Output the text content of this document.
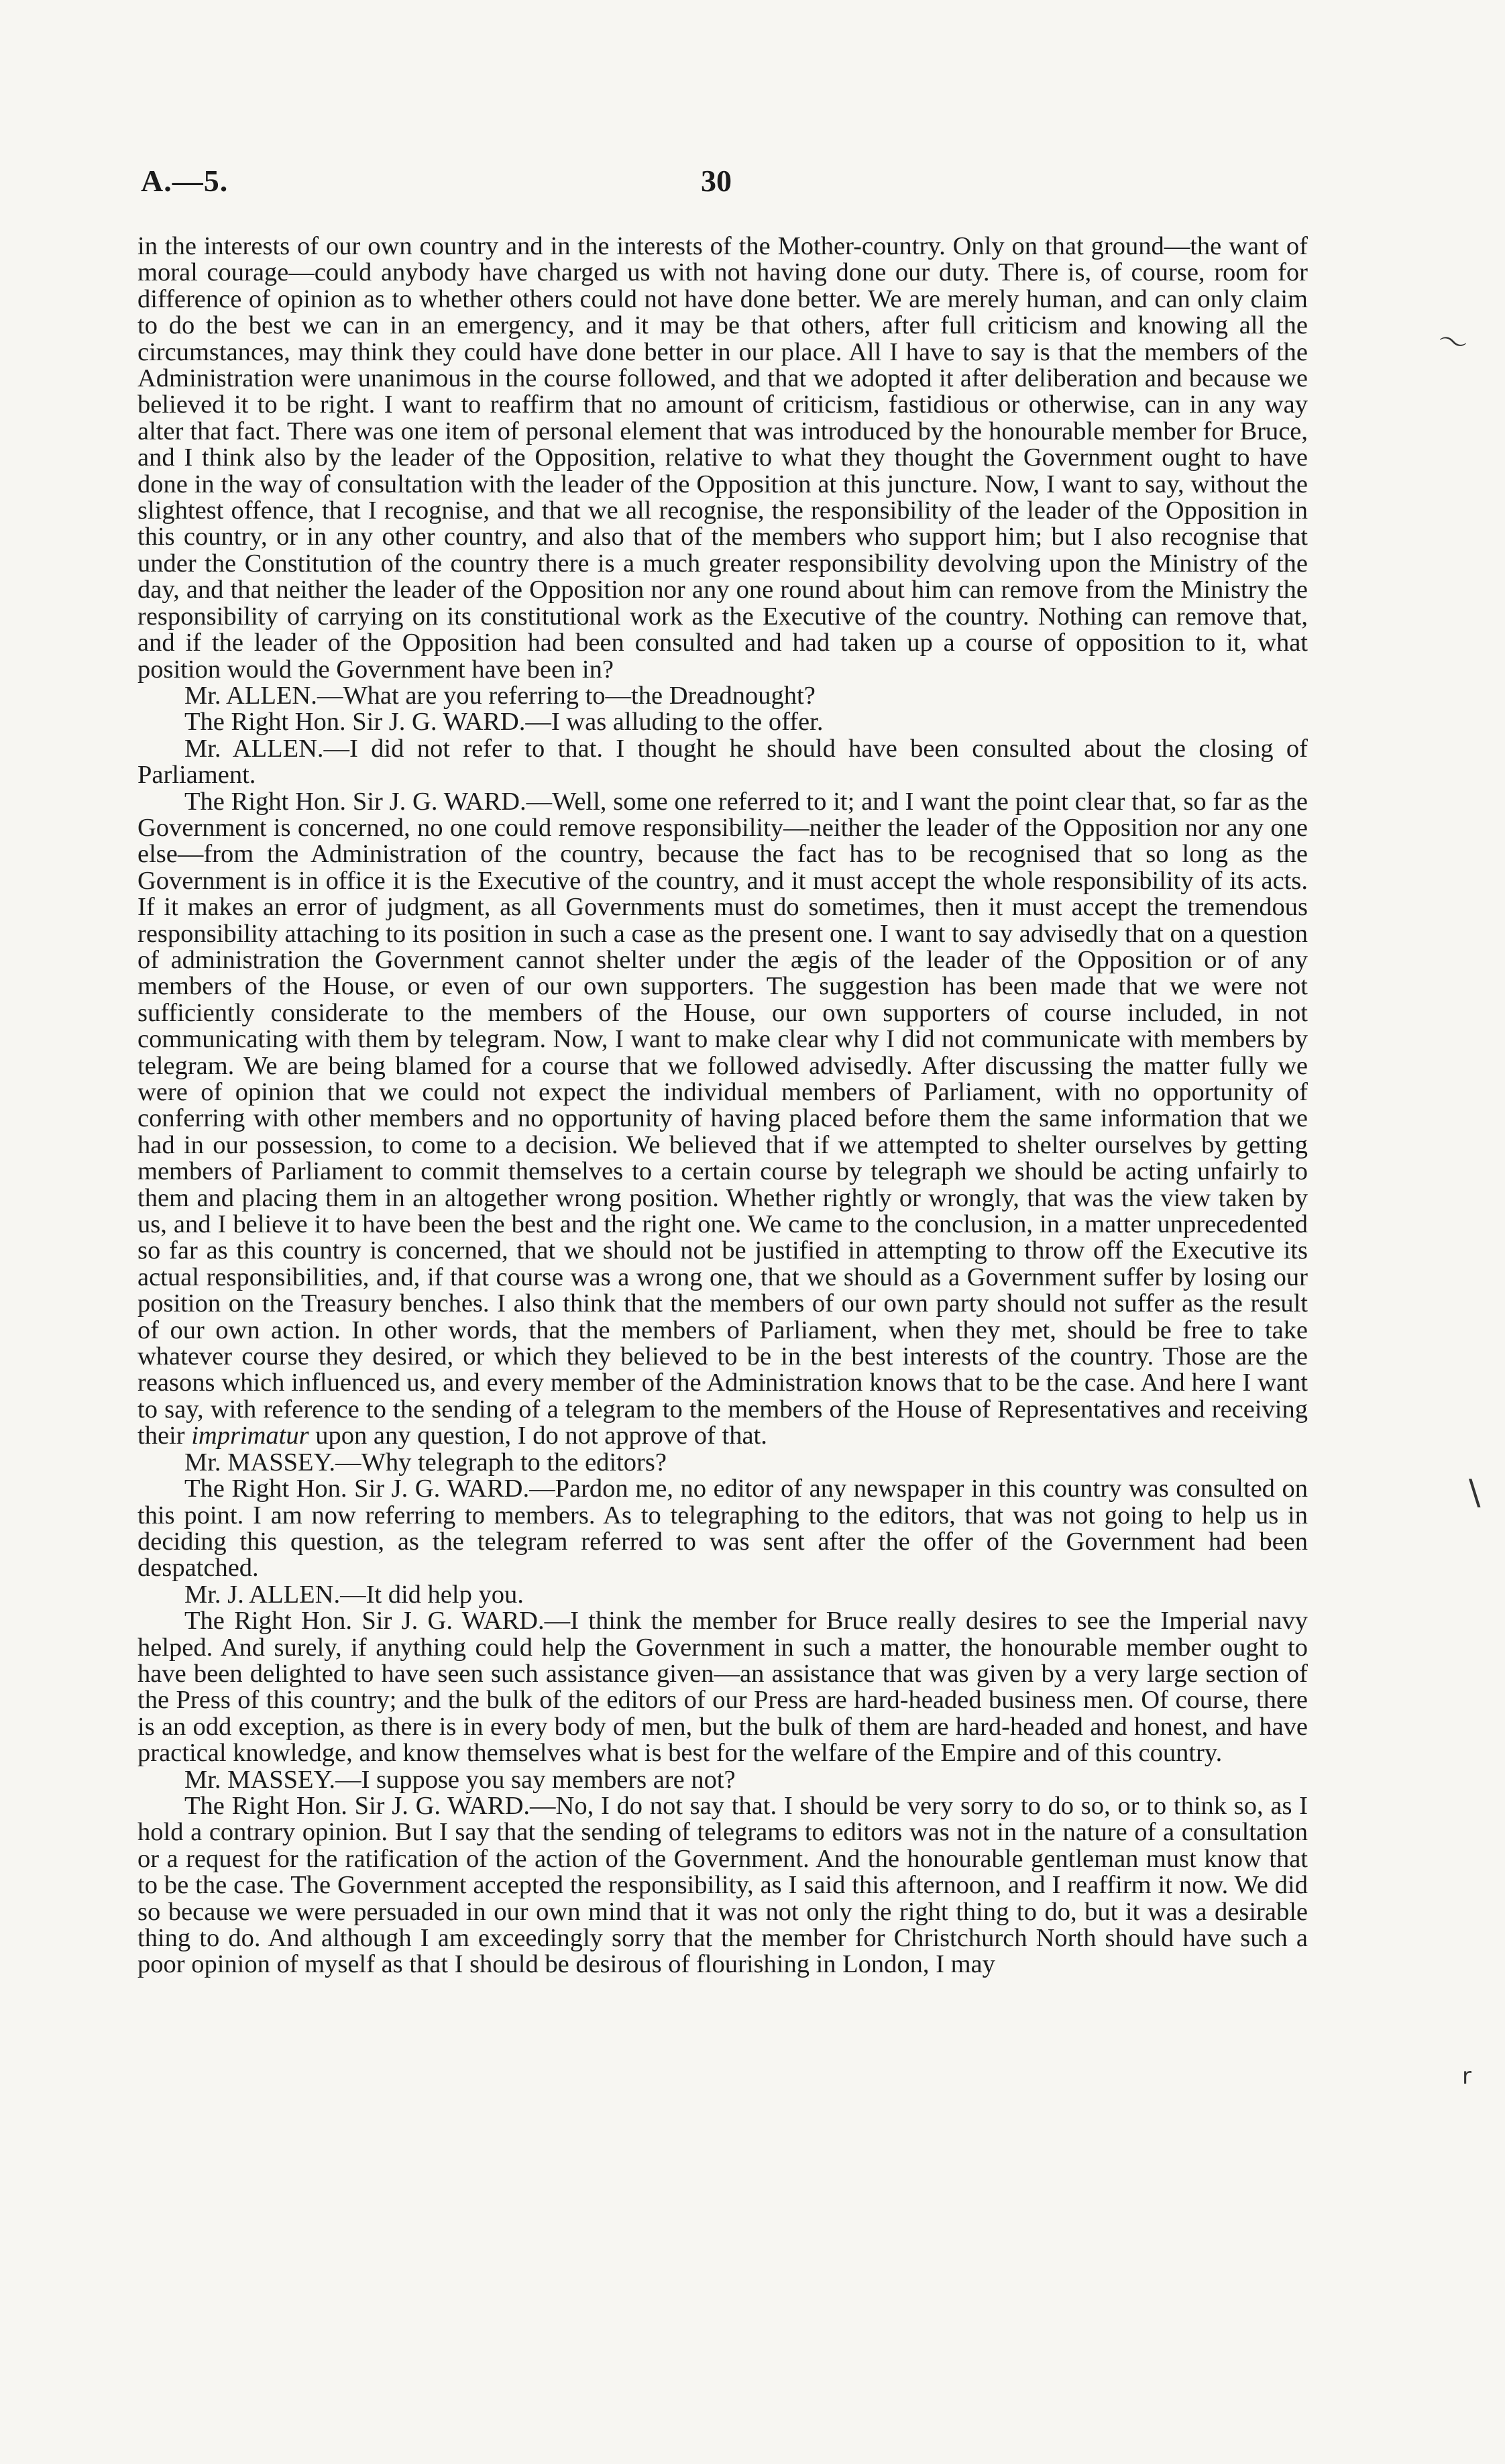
A.—5.	30
〜
\
r

in the interests of our own country and in the interests of the Mother-country. Only on that ground—the want of moral courage—could anybody have charged us with not having done our duty. There is, of course, room for difference of opinion as to whether others could not have done better. We are merely human, and can only claim to do the best we can in an emergency, and it may be that others, after full criticism and knowing all the circumstances, may think they could have done better in our place. All I have to say is that the members of the Administration were unanimous in the course followed, and that we adopted it after deliberation and because we believed it to be right. I want to reaffirm that no amount of criticism, fastidious or otherwise, can in any way alter that fact. There was one item of personal element that was introduced by the honourable member for Bruce, and I think also by the leader of the Opposition, relative to what they thought the Government ought to have done in the way of consultation with the leader of the Opposition at this juncture. Now, I want to say, without the slightest offence, that I recognise, and that we all recognise, the responsibility of the leader of the Opposition in this country, or in any other country, and also that of the members who support him; but I also recognise that under the Constitution of the country there is a much greater responsibility devolving upon the Ministry of the day, and that neither the leader of the Opposition nor any one round about him can remove from the Ministry the responsibility of carrying on its constitutional work as the Executive of the country. Nothing can remove that, and if the leader of the Opposition had been consulted and had taken up a course of opposition to it, what position would the Government have been in?

Mr. ALLEN.—What are you referring to—the Dreadnought?

The Right Hon. Sir J. G. WARD.—I was alluding to the offer.

Mr. ALLEN.—I did not refer to that. I thought he should have been consulted about the closing of Parliament.

The Right Hon. Sir J. G. WARD.—Well, some one referred to it; and I want the point clear that, so far as the Government is concerned, no one could remove responsibility—neither the leader of the Opposition nor any one else—from the Administration of the country, because the fact has to be recognised that so long as the Government is in office it is the Executive of the country, and it must accept the whole responsibility of its acts. If it makes an error of judgment, as all Governments must do sometimes, then it must accept the tremendous responsibility attaching to its position in such a case as the present one. I want to say advisedly that on a question of administration the Government cannot shelter under the ægis of the leader of the Opposition or of any members of the House, or even of our own supporters. The suggestion has been made that we were not sufficiently considerate to the members of the House, our own supporters of course included, in not communicating with them by telegram. Now, I want to make clear why I did not communicate with members by telegram. We are being blamed for a course that we followed advisedly. After discussing the matter fully we were of opinion that we could not expect the individual members of Parliament, with no opportunity of conferring with other members and no opportunity of having placed before them the same information that we had in our possession, to come to a decision. We believed that if we attempted to shelter ourselves by getting members of Parliament to commit themselves to a certain course by telegraph we should be acting unfairly to them and placing them in an altogether wrong position. Whether rightly or wrongly, that was the view taken by us, and I believe it to have been the best and the right one. We came to the conclusion, in a matter unprecedented so far as this country is concerned, that we should not be justified in attempting to throw off the Executive its actual responsibilities, and, if that course was a wrong one, that we should as a Government suffer by losing our position on the Treasury benches. I also think that the members of our own party should not suffer as the result of our own action. In other words, that the members of Parliament, when they met, should be free to take whatever course they desired, or which they believed to be in the best interests of the country. Those are the reasons which influenced us, and every member of the Administration knows that to be the case. And here I want to say, with reference to the sending of a telegram to the members of the House of Representatives and receiving their imprimatur upon any question, I do not approve of that.

Mr. MASSEY.—Why telegraph to the editors?

The Right Hon. Sir J. G. WARD.—Pardon me, no editor of any newspaper in this country was consulted on this point. I am now referring to members. As to telegraphing to the editors, that was not going to help us in deciding this question, as the telegram referred to was sent after the offer of the Government had been despatched.

Mr. J. ALLEN.—It did help you.

The Right Hon. Sir J. G. WARD.—I think the member for Bruce really desires to see the Imperial navy helped. And surely, if anything could help the Government in such a matter, the honourable member ought to have been delighted to have seen such assistance given—an assistance that was given by a very large section of the Press of this country; and the bulk of the editors of our Press are hard-headed business men. Of course, there is an odd exception, as there is in every body of men, but the bulk of them are hard-headed and honest, and have practical knowledge, and know themselves what is best for the welfare of the Empire and of this country.

Mr. MASSEY.—I suppose you say members are not?

The Right Hon. Sir J. G. WARD.—No, I do not say that. I should be very sorry to do so, or to think so, as I hold a contrary opinion. But I say that the sending of telegrams to editors was not in the nature of a consultation or a request for the ratification of the action of the Government. And the honourable gentleman must know that to be the case. The Government accepted the responsibility, as I said this afternoon, and I reaffirm it now. We did so because we were persuaded in our own mind that it was not only the right thing to do, but it was a desirable thing to do. And although I am exceedingly sorry that the member for Christchurch North should have such a poor opinion of myself as that I should be desirous of flourishing in London, I may
